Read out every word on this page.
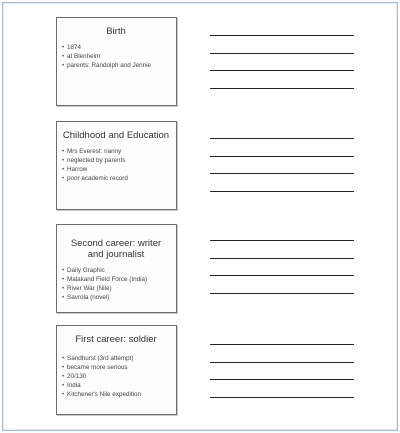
Birth
• 1874
• at Blenheim
• parents: Randolph and Jennie
Childhood and Education
• Mrs Everest: nanny
• neglected by parents
• Harrow
• poor academic record
Second career: writer and journalist
• Daily Graphic
• Malakand Field Force (India)
• River War (Nile)
• Savrola (novel)
First career: soldier
• Sandhurst (3rd attempt)
• became more serious
• 20/130
• India
• Kitchener's Nile expedition
